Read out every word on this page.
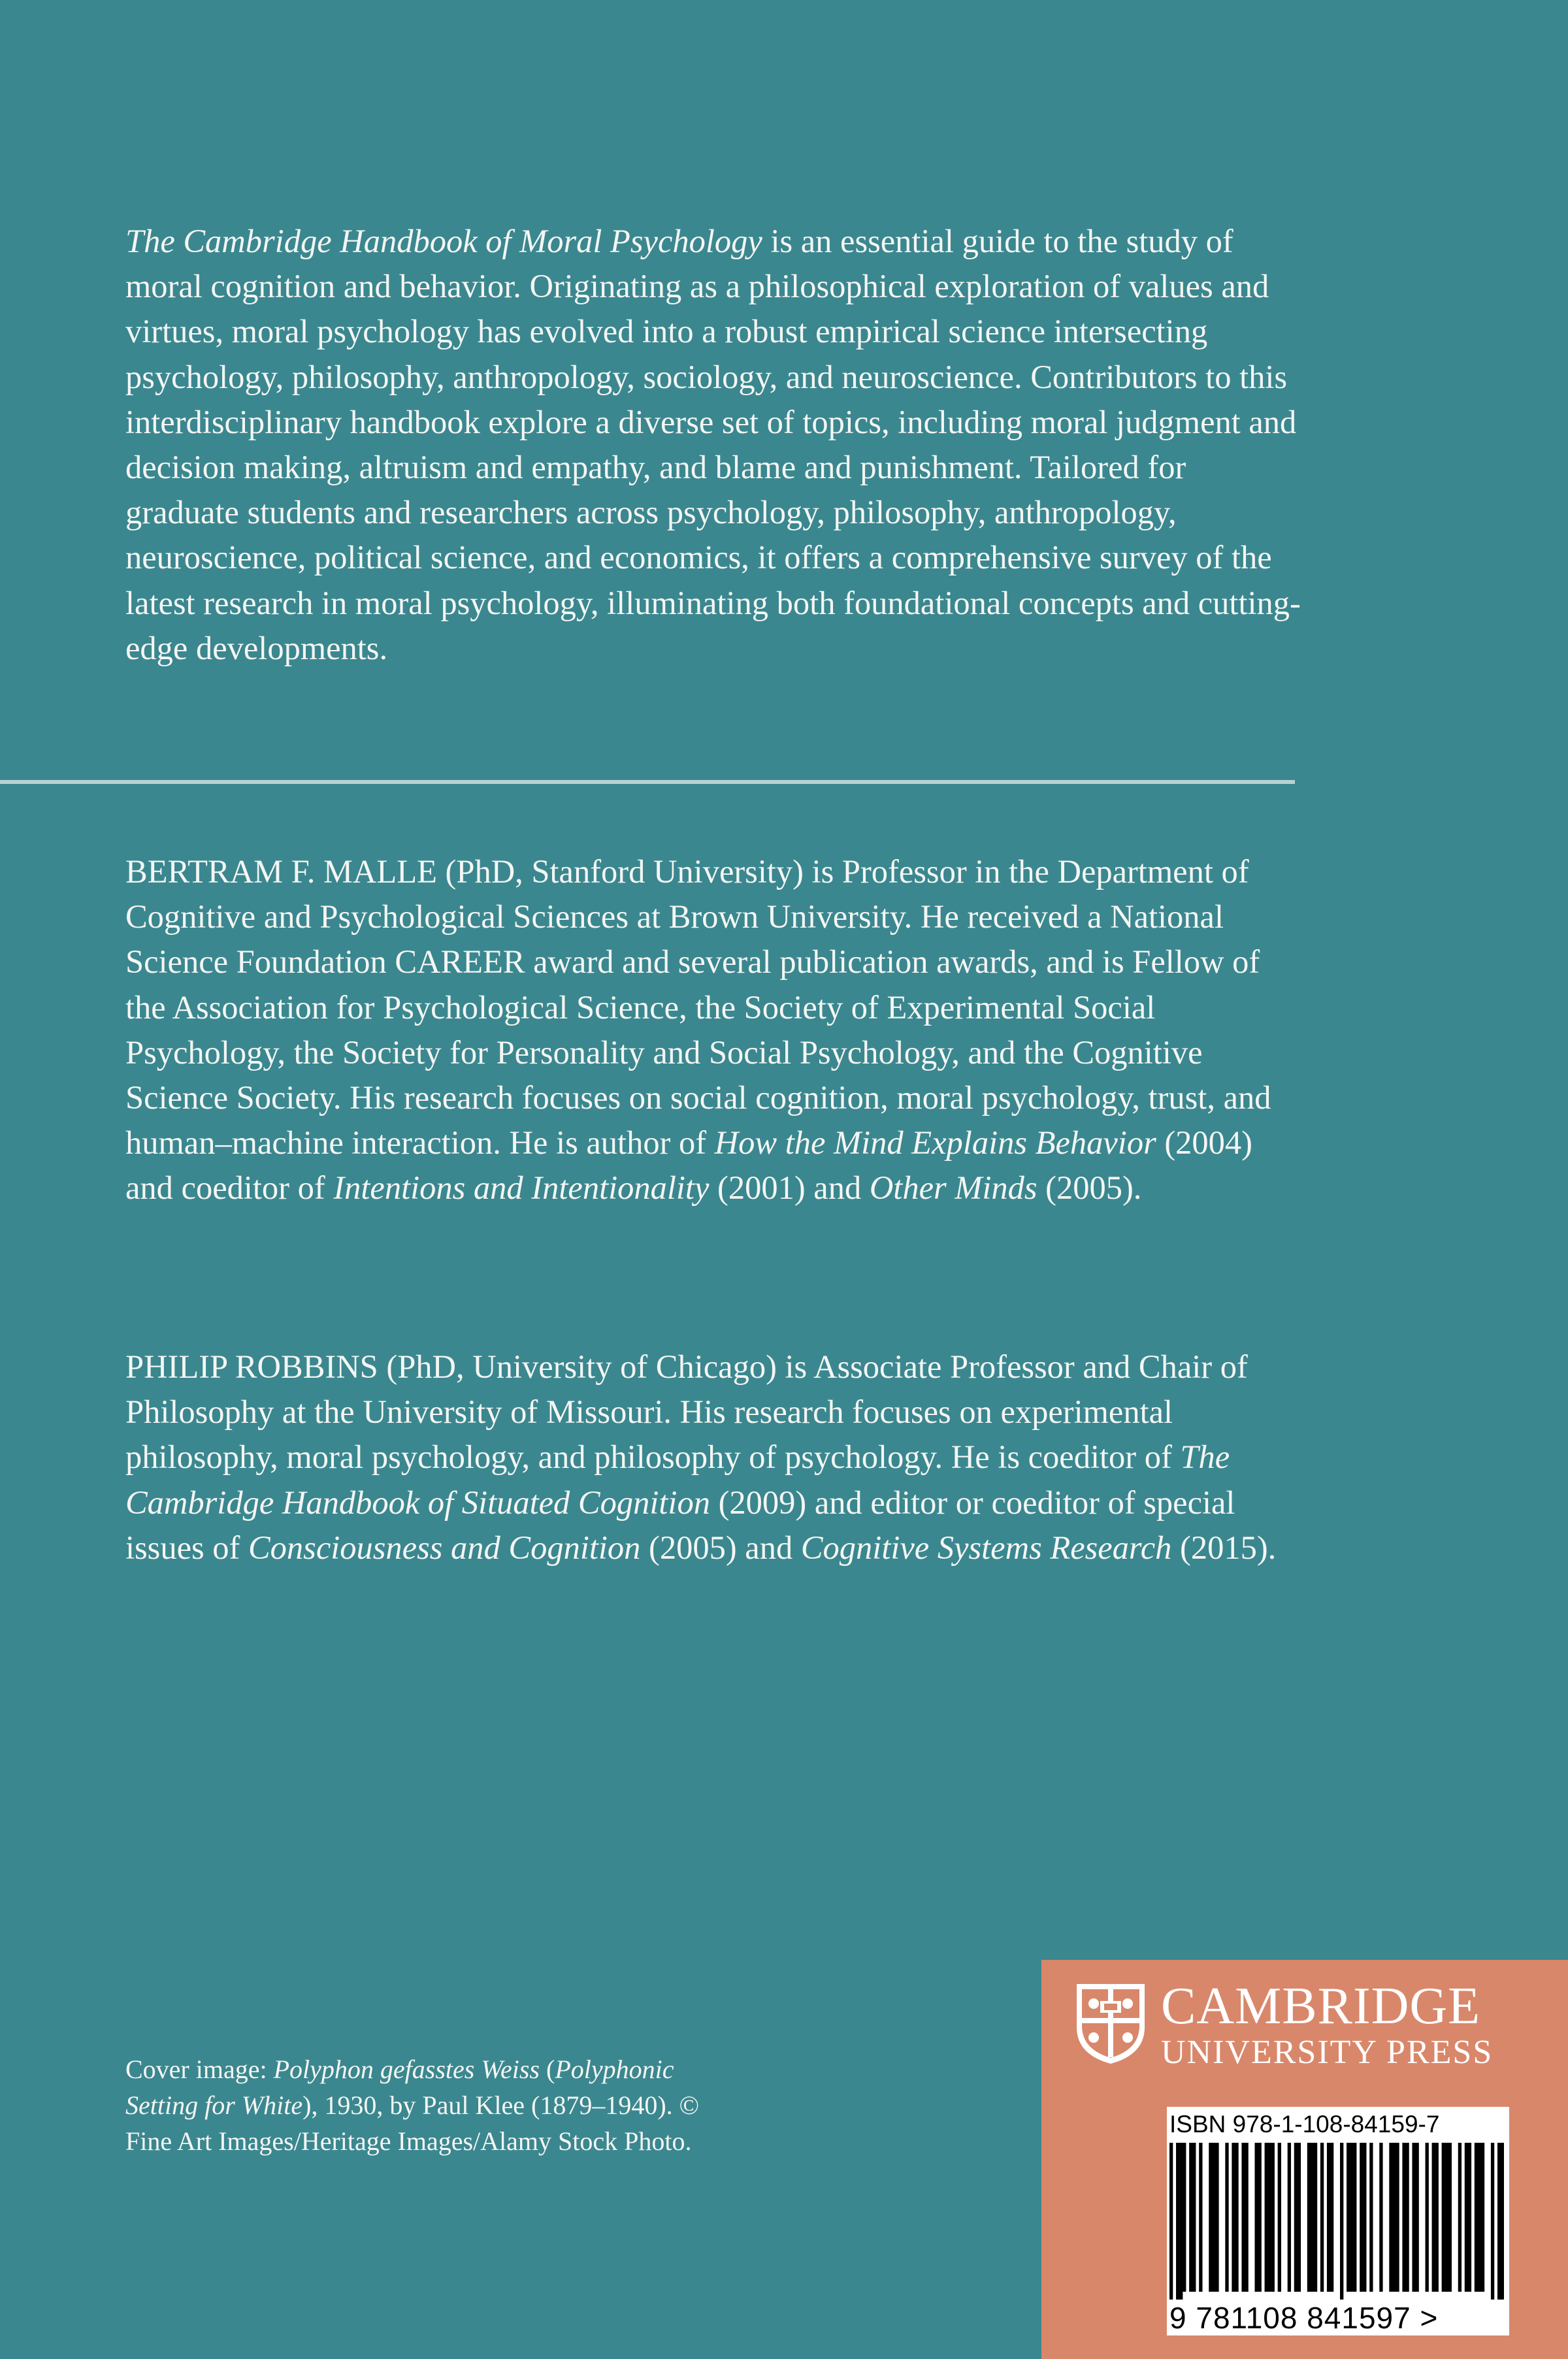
The Cambridge Handbook of Moral Psychology is an essential guide to the study of moral cognition and behavior. Originating as a philosophical exploration of values and virtues, moral psychology has evolved into a robust empirical science intersecting psychology, philosophy, anthropology, sociology, and neuroscience. Contributors to this interdisciplinary handbook explore a diverse set of topics, including moral judgment and decision making, altruism and empathy, and blame and punishment. Tailored for graduate students and researchers across psychology, philosophy, anthropology, neuroscience, political science, and economics, it offers a comprehensive survey of the latest research in moral psychology, illuminating both foundational concepts and cutting-edge developments.

BERTRAM F. MALLE (PhD, Stanford University) is Professor in the Department of Cognitive and Psychological Sciences at Brown University. He received a National Science Foundation CAREER award and several publication awards, and is Fellow of the Association for Psychological Science, the Society of Experimental Social Psychology, the Society for Personality and Social Psychology, and the Cognitive Science Society. His research focuses on social cognition, moral psychology, trust, and human–machine interaction. He is author of How the Mind Explains Behavior (2004) and coeditor of Intentions and Intentionality (2001) and Other Minds (2005).

PHILIP ROBBINS (PhD, University of Chicago) is Associate Professor and Chair of Philosophy at the University of Missouri. His research focuses on experimental philosophy, moral psychology, and philosophy of psychology. He is coeditor of The Cambridge Handbook of Situated Cognition (2009) and editor or coeditor of special issues of Consciousness and Cognition (2005) and Cognitive Systems Research (2015).

Cover image: Polyphon gefasstes Weiss (Polyphonic Setting for White), 1930, by Paul Klee (1879–1940). © Fine Art Images/Heritage Images/Alamy Stock Photo.

CAMBRIDGE
UNIVERSITY PRESS
ISBN 978-1-108-84159-7
9 781108 841597 >
